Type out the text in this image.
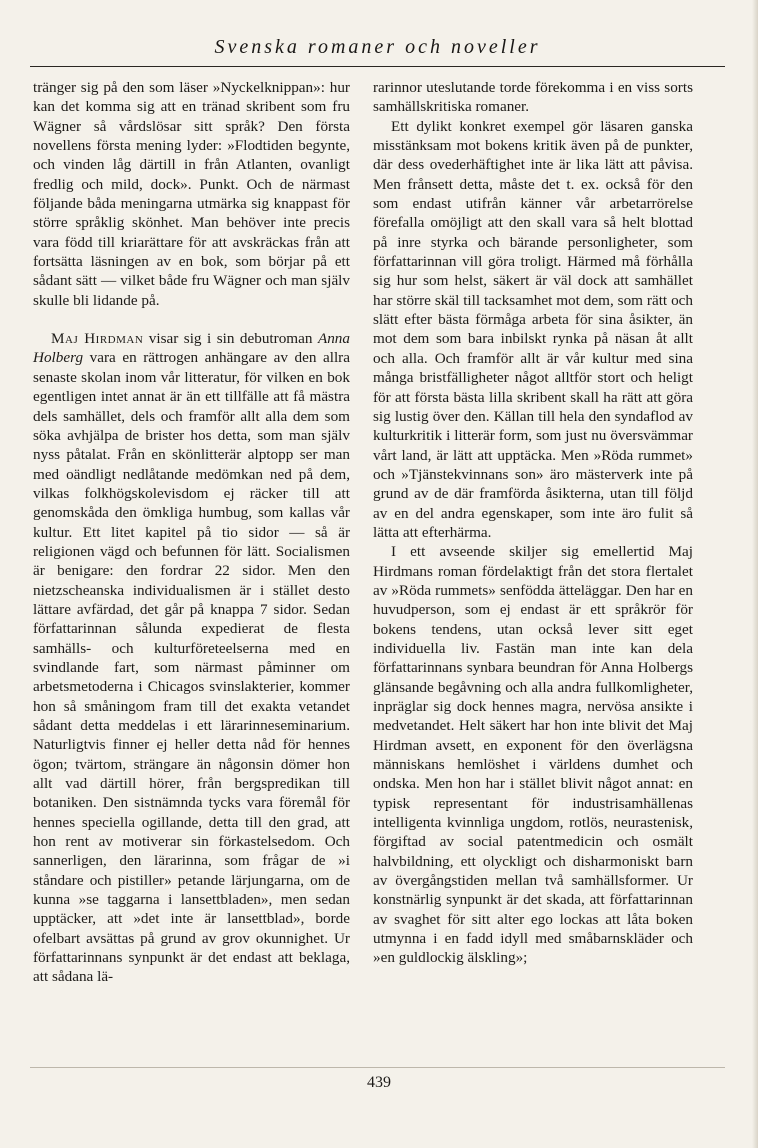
Svenska romaner och noveller

tränger sig på den som läser »Nyckelknippan»: hur kan det komma sig att en tränad skribent som fru Wägner så vårdslösar sitt språk? Den första novellens första mening lyder: »Flodtiden begynte, och vinden låg därtill in från Atlanten, ovanligt fredlig och mild, dock». Punkt. Och de närmast följande båda meningarna utmärka sig knappast för större språklig skönhet. Man behöver inte precis vara född till kriarättare för att avskräckas från att fortsätta läsningen av en bok, som börjar på ett sådant sätt — vilket både fru Wägner och man själv skulle bli lidande på.

Maj Hirdman visar sig i sin debutroman Anna Holberg vara en rättrogen anhängare av den allra senaste skolan inom vår litteratur, för vilken en bok egentligen intet annat är än ett tillfälle att få mästra dels samhället, dels och framför allt alla dem som söka avhjälpa de brister hos detta, som man själv nyss påtalat. Från en skönlitterär alptopp ser man med oändligt nedlåtande medömkan ned på dem, vilkas folkhögskolevisdom ej räcker till att genomskåda den ömkliga humbug, som kallas vår kultur. Ett litet kapitel på tio sidor — så är religionen vägd och befunnen för lätt. Socialismen är benigare: den fordrar 22 sidor. Men den nietzscheanska individualismen är i stället desto lättare avfärdad, det går på knappa 7 sidor. Sedan författarinnan sålunda expedierat de flesta samhälls- och kulturföreteelserna med en svindlande fart, som närmast påminner om arbetsmetoderna i Chicagos svinslakterier, kommer hon så småningom fram till det exakta vetandet sådant detta meddelas i ett lärarinneseminarium. Naturligtvis finner ej heller detta nåd för hennes ögon; tvärtom, strängare än någonsin dömer hon allt vad därtill hörer, från bergspredikan till botaniken. Den sistnämnda tycks vara föremål för hennes speciella ogillande, detta till den grad, att hon rent av motiverar sin förkastelsedom. Och sannerligen, den lärarinna, som frågar de »i ståndare och pistiller» petande lärjungarna, om de kunna »se taggarna i lansettbladen», men sedan upptäcker, att »det inte är lansettblad», borde ofelbart avsättas på grund av grov okunnighet. Ur författarinnans synpunkt är det endast att beklaga, att sådana lä-

rarinnor uteslutande torde förekomma i en viss sorts samhällskritiska romaner.

Ett dylikt konkret exempel gör läsaren ganska misstänksam mot bokens kritik även på de punkter, där dess ovederhäftighet inte är lika lätt att påvisa. Men frånsett detta, måste det t. ex. också för den som endast utifrån känner vår arbetarrörelse förefalla omöjligt att den skall vara så helt blottad på inre styrka och bärande personligheter, som författarinnan vill göra troligt. Härmed må förhålla sig hur som helst, säkert är väl dock att samhället har större skäl till tacksamhet mot dem, som rätt och slätt efter bästa förmåga arbeta för sina åsikter, än mot dem som bara inbilskt rynka på näsan åt allt och alla. Och framför allt är vår kultur med sina många bristfälligheter något alltför stort och heligt för att första bästa lilla skribent skall ha rätt att göra sig lustig över den. Källan till hela den syndaflod av kulturkritik i litterär form, som just nu översvämmar vårt land, är lätt att upptäcka. Men »Röda rummet» och »Tjänstekvinnans son» äro mästerverk inte på grund av de där framförda åsikterna, utan till följd av en del andra egenskaper, som inte äro fulit så lätta att efterhärma.

I ett avseende skiljer sig emellertid Maj Hirdmans roman fördelaktigt från det stora flertalet av »Röda rummets» senfödda ätteläggar. Den har en huvudperson, som ej endast är ett språkrör för bokens tendens, utan också lever sitt eget individuella liv. Fastän man inte kan dela författarinnans synbara beundran för Anna Holbergs glänsande begåvning och alla andra fullkomligheter, inpräglar sig dock hennes magra, nervösa ansikte i medvetandet. Helt säkert har hon inte blivit det Maj Hirdman avsett, en exponent för den överlägsna människans hemlöshet i världens dumhet och ondska. Men hon har i stället blivit något annat: en typisk representant för industrisamhällenas intelligenta kvinnliga ungdom, rotlös, neurastenisk, förgiftad av social patentmedicin och osmält halvbildning, ett olyckligt och disharmoniskt barn av övergångstiden mellan två samhällsformer. Ur konstnärlig synpunkt är det skada, att författarinnan av svaghet för sitt alter ego lockas att låta boken utmynna i en fadd idyll med småbarnskläder och »en guldlockig älskling»;

439
